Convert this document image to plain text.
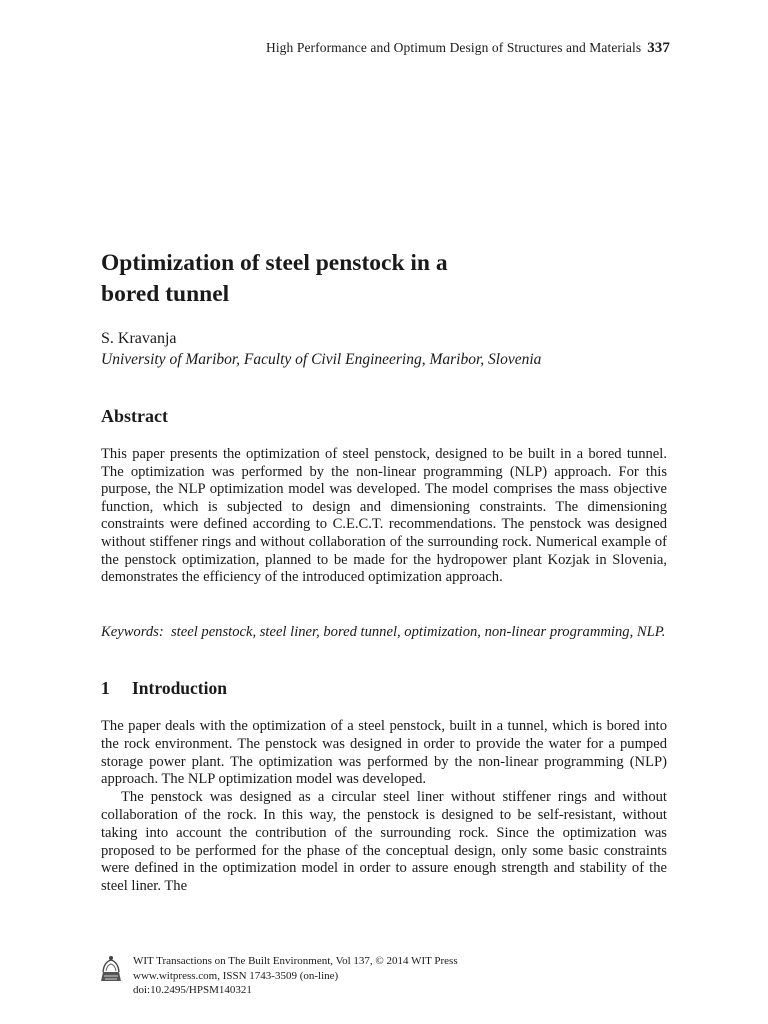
High Performance and Optimum Design of Structures and Materials 337
Optimization of steel penstock in a
bored tunnel
S. Kravanja
University of Maribor, Faculty of Civil Engineering, Maribor, Slovenia
Abstract

This paper presents the optimization of steel penstock, designed to be built in a bored tunnel. The optimization was performed by the non-linear programming (NLP) approach. For this purpose, the NLP optimization model was developed. The model comprises the mass objective function, which is subjected to design and dimensioning constraints. The dimensioning constraints were defined according to C.E.C.T. recommendations. The penstock was designed without stiffener rings and without collaboration of the surrounding rock. Numerical example of the penstock optimization, planned to be made for the hydropower plant Kozjak in Slovenia, demonstrates the efficiency of the introduced optimization approach.

Keywords: steel penstock, steel liner, bored tunnel, optimization, non-linear programming, NLP.

1 Introduction

The paper deals with the optimization of a steel penstock, built in a tunnel, which is bored into the rock environment. The penstock was designed in order to provide the water for a pumped storage power plant. The optimization was performed by the non-linear programming (NLP) approach. The NLP optimization model was developed.

The penstock was designed as a circular steel liner without stiffener rings and without collaboration of the rock. In this way, the penstock is designed to be self-resistant, without taking into account the contribution of the surrounding rock. Since the optimization was proposed to be performed for the phase of the conceptual design, only some basic constraints were defined in the optimization model in order to assure enough strength and stability of the steel liner. The

WIT Transactions on The Built Environment, Vol 137, © 2014 WIT Press
www.witpress.com, ISSN 1743-3509 (on-line)
doi:10.2495/HPSM140321
